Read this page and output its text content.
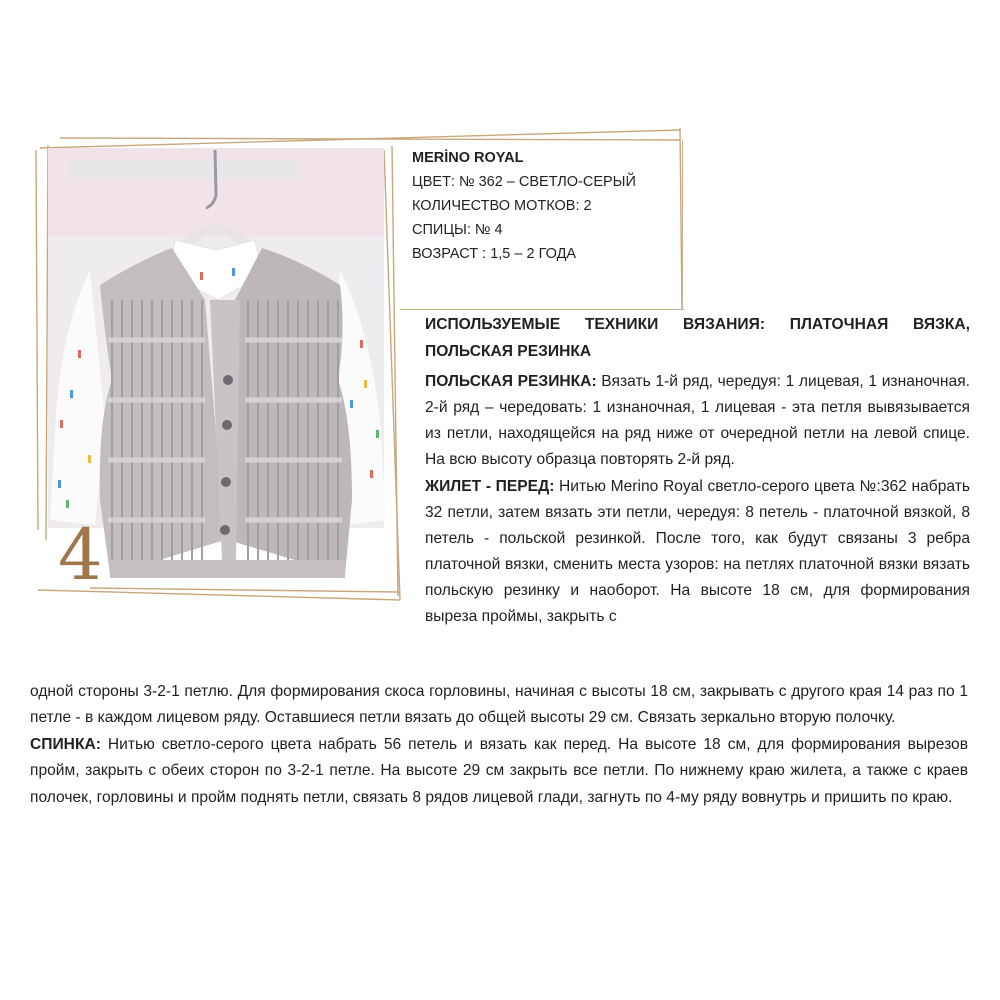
4
MERİNO ROYAL
ЦВЕТ: № 362 – СВЕТЛО-СЕРЫЙ
КОЛИЧЕСТВО МОТКОВ: 2
СПИЦЫ: № 4
ВОЗРАСТ : 1,5 – 2 ГОДА
ИСПОЛЬЗУЕМЫЕ ТЕХНИКИ ВЯЗАНИЯ: ПЛАТОЧНАЯ ВЯЗКА,
ПОЛЬСКАЯ РЕЗИНКА
ПОЛЬСКАЯ РЕЗИНКА: Вязать 1-й ряд, чередуя: 1 лицевая, 1 изнаночная. 2-й ряд – чередовать: 1 изнаночная, 1 лицевая - эта петля вывязывается из петли, находящейся на ряд ниже от очередной петли на левой спице. На всю высоту образца повторять 2-й ряд.
ЖИЛЕТ - ПЕРЕД: Нитью Merino Royal светло-серого цвета №:362 набрать 32 петли, затем вязать эти петли, чередуя: 8 петель - платочной вязкой, 8 петель - польской резинкой. После того, как будут связаны 3 ребра платочной вязки, сменить места узоров: на петлях платочной вязки вязать польскую резинку и наоборот. На высоте 18 см, для формирования выреза проймы, закрыть с
одной стороны 3-2-1 петлю. Для формирования скоса горловины, начиная с высоты 18 см, закрывать с другого края 14 раз по 1 петле - в каждом лицевом ряду. Оставшиеся петли вязать до общей высоты 29 см. Связать зеркально вторую полочку.
СПИНКА: Нитью светло-серого цвета набрать 56 петель и вязать как перед. На высоте 18 см, для формирования вырезов пройм, закрыть с обеих сторон по 3-2-1 петле. На высоте 29 см закрыть все петли. По нижнему краю жилета, а также с краев полочек, горловины и пройм поднять петли, связать 8 рядов лицевой глади, загнуть по 4-му ряду вовнутрь и пришить по краю.
